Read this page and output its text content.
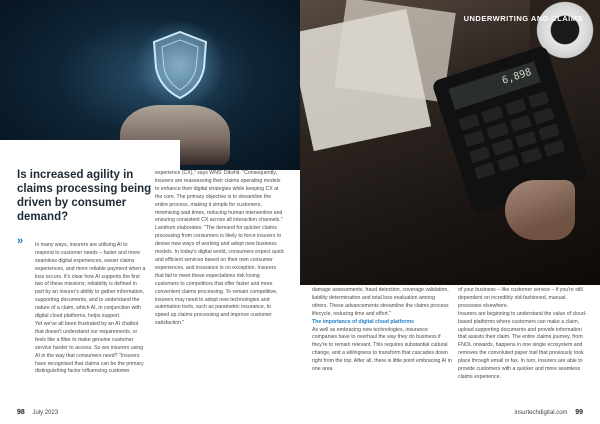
Is increased agility in claims processing being driven by consumer demand?
»	In many ways, insurers are utilising AI to respond to customer needs – faster and more seamless digital experiences, easier claims experiences, and more reliable payment when a loss occurs. It's clear how AI supports the first two of these missions; reliability is defined in part by an insurer's ability to gather information, supporting documents, and to understand the nature of a claim, which AI, in conjunction with digital cloud platforms, helps support.
Yet we've all been frustrated by an AI chatbot that doesn't understand our requirements, or feels like a filter to make genuine customer service harder to access. So are insurers using AI in the way that consumers need? "Insurers have recognised that claims can be the primary distinguishing factor influencing customer

experience (CX)," says WNS' Dikshit. "Consequently, insurers are reassessing their claims operating models to enhance their digital strategies while keeping CX at the core. The primary objective is to streamline the entire process, making it simple for customers, minimising wait times, reducing human intervention and ensuring consistent CX across all interaction channels."
Landrum elaborates: "The demand for quicker claims processing from consumers is likely to force insurers to devise new ways of working and adopt new business models. In today's digital world, consumers expect quick and efficient services based on their own consumer experiences, and insurance is no exception. Insurers that fail to meet these expectations risk losing customers to competitors that offer faster and more convenient claims processing. To remain competitive, insurers may need to adopt new technologies and automation tools, such as parametric insurance, to speed up claims processing and improve customer satisfaction."
98 July 2023
6,898
UNDERWRITING AND CLAIMS
damage assessments, fraud detection, coverage validation, liability determination and total loss evaluation among others. These advancements streamline the claims process lifecycle, reducing time and effort."

The importance of digital cloud platforms
As well as embracing new technologies, insurance companies have to overhaul the way they do business if they're to remain relevant. This requires substantial cultural change, and a willingness to transform that cascades down right from the top. After all, there is little point embracing AI in one area
of your business – like customer service – if you're still dependent on incredibly old-fashioned, manual processes elsewhere.
Insurers are beginning to understand the value of cloud-based platforms where customers can make a claim, upload supporting documents and provide information that assists their claim. The entire claims journey, from FNOL onwards, happens in one single ecosystem and removes the convoluted paper trail that previously took place through email or fax. In turn, insurers are able to provide customers with a quicker and more seamless claims experience.
insurtechdigital.com 99
